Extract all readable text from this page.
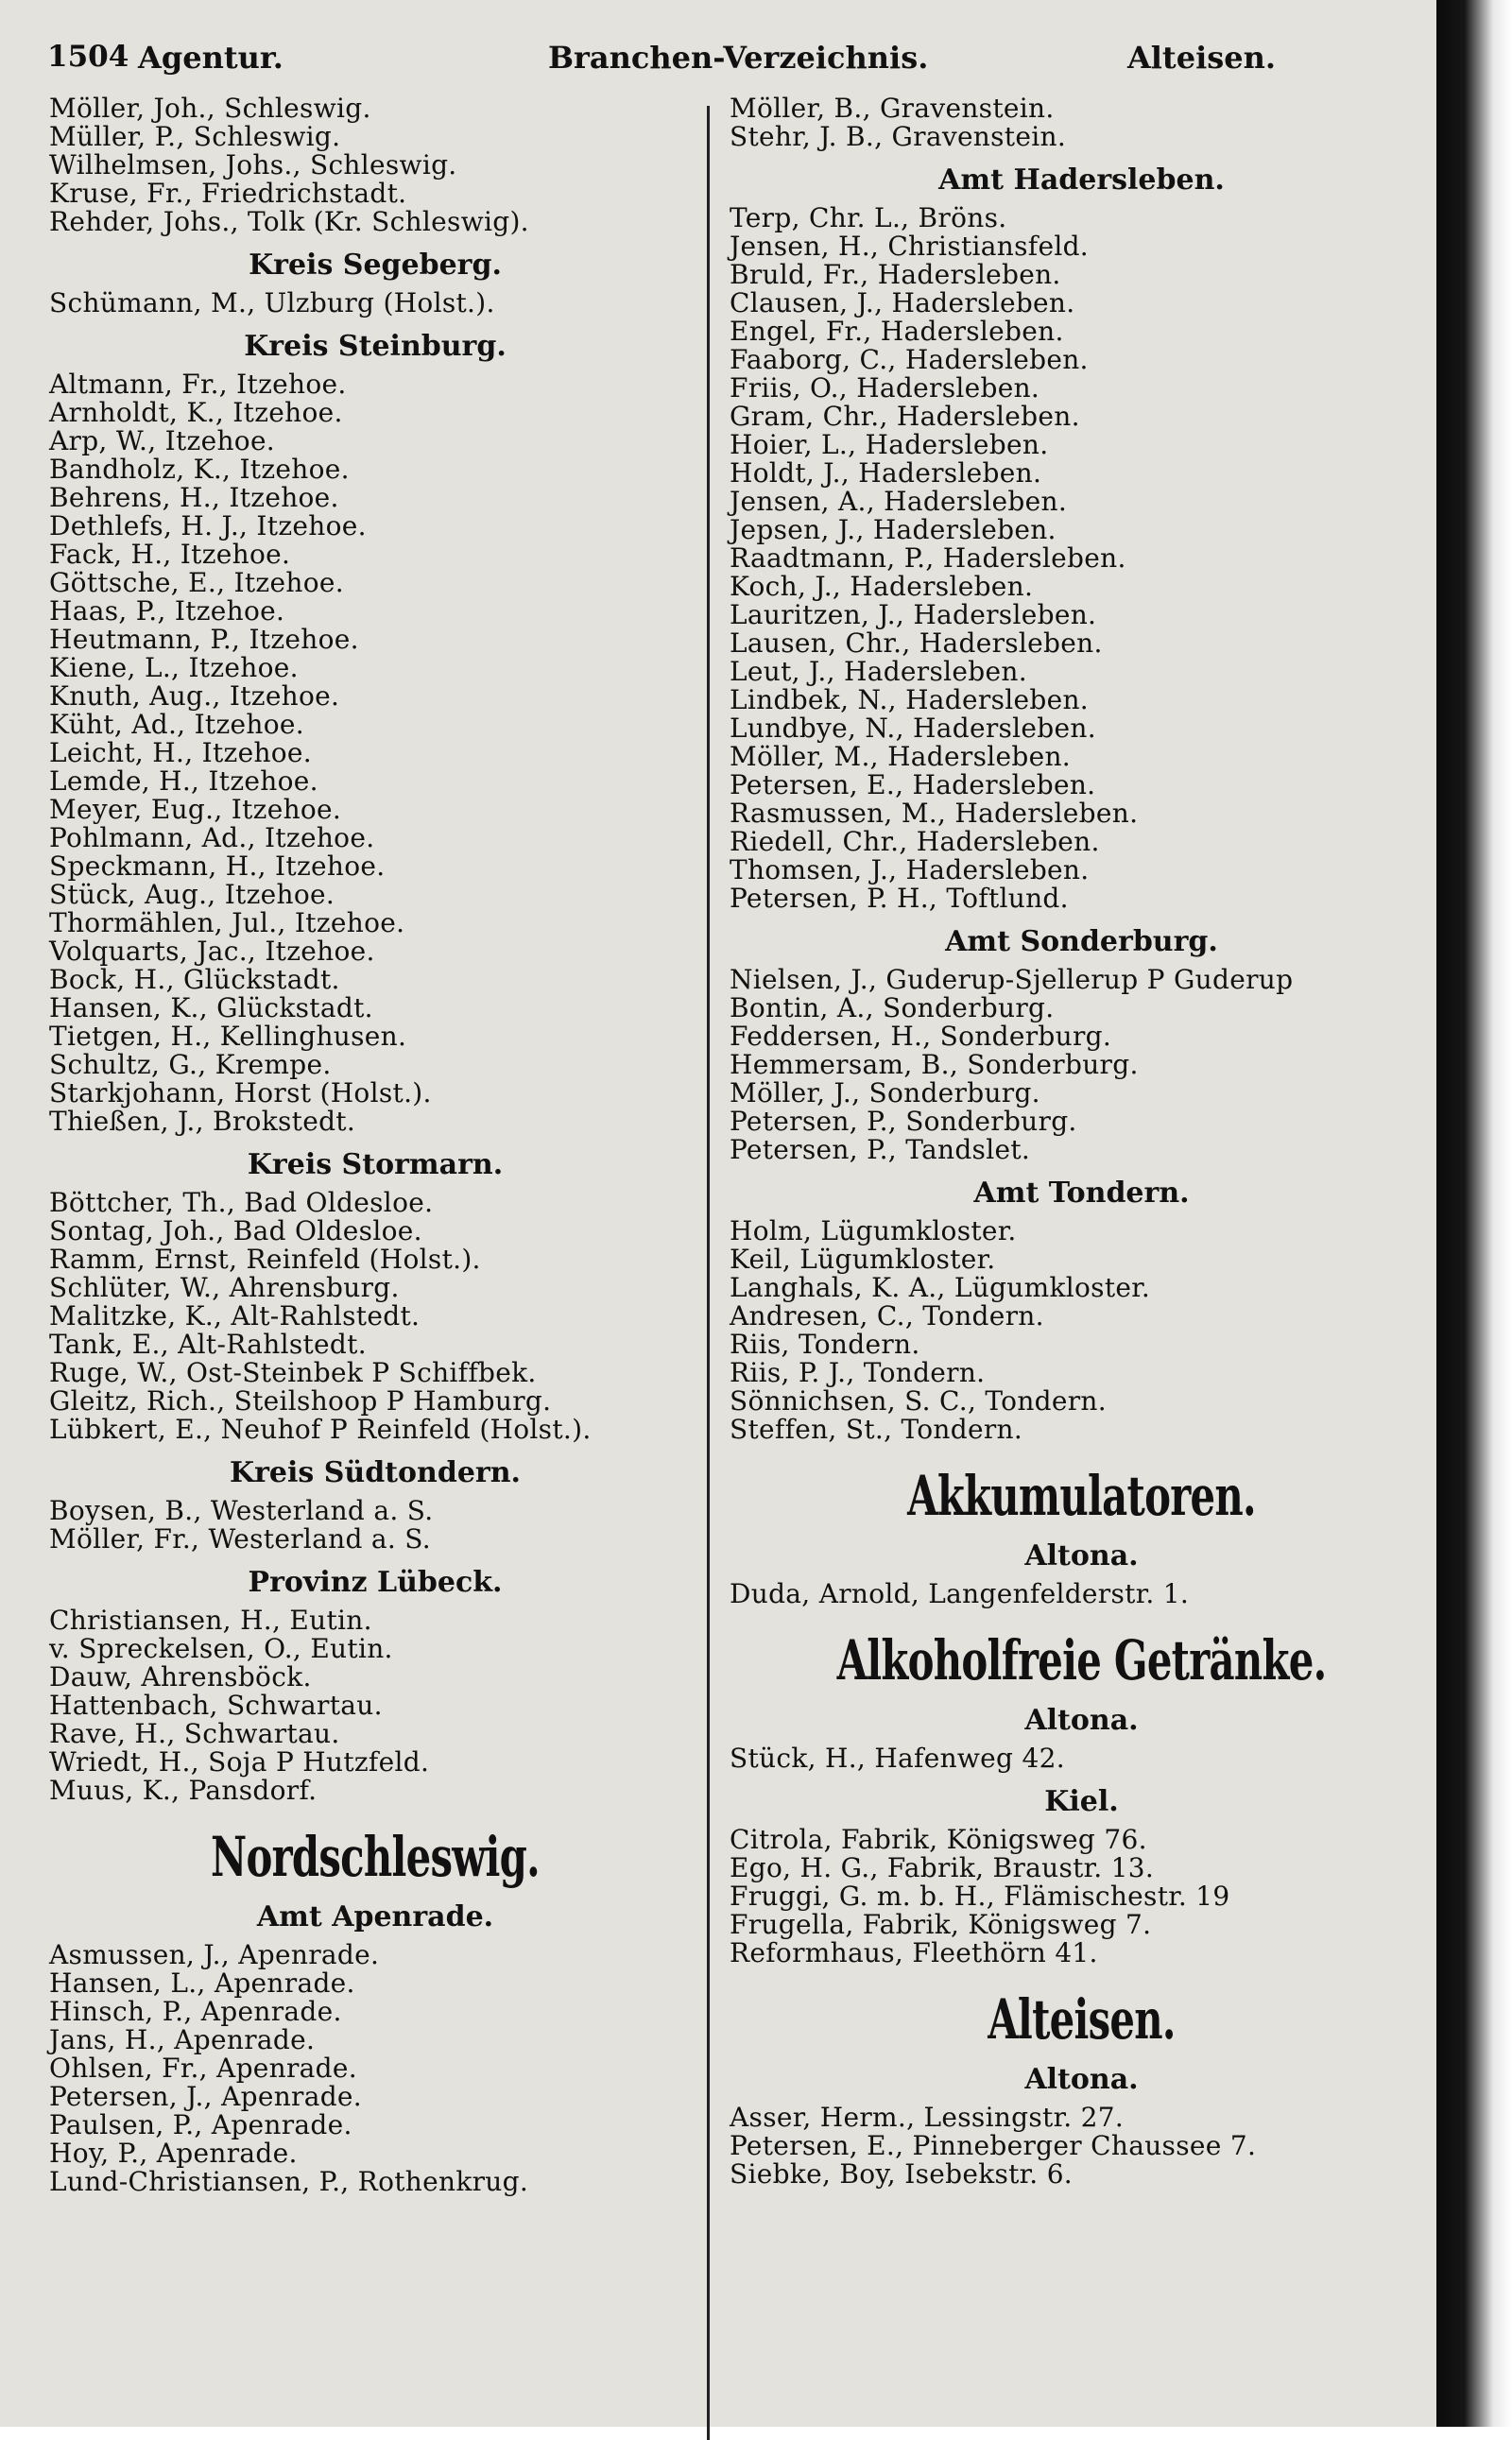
1504 Agentur.	Branchen-Verzeichnis.	Alteisen.
Möller, Joh., Schleswig.
Müller, P., Schleswig.
Wilhelmsen, Johs., Schleswig.
Kruse, Fr., Friedrichstadt.
Rehder, Johs., Tolk (Kr. Schleswig).
Kreis Segeberg.
Schümann, M., Ulzburg (Holst.).
Kreis Steinburg.
Altmann, Fr., Itzehoe.
Arnholdt, K., Itzehoe.
Arp, W., Itzehoe.
Bandholz, K., Itzehoe.
Behrens, H., Itzehoe.
Dethlefs, H. J., Itzehoe.
Fack, H., Itzehoe.
Göttsche, E., Itzehoe.
Haas, P., Itzehoe.
Heutmann, P., Itzehoe.
Kiene, L., Itzehoe.
Knuth, Aug., Itzehoe.
Küht, Ad., Itzehoe.
Leicht, H., Itzehoe.
Lemde, H., Itzehoe.
Meyer, Eug., Itzehoe.
Pohlmann, Ad., Itzehoe.
Speckmann, H., Itzehoe.
Stück, Aug., Itzehoe.
Thormählen, Jul., Itzehoe.
Volquarts, Jac., Itzehoe.
Bock, H., Glückstadt.
Hansen, K., Glückstadt.
Tietgen, H., Kellinghusen.
Schultz, G., Krempe.
Starkjohann, Horst (Holst.).
Thießen, J., Brokstedt.
Kreis Stormarn.
Böttcher, Th., Bad Oldesloe.
Sontag, Joh., Bad Oldesloe.
Ramm, Ernst, Reinfeld (Holst.).
Schlüter, W., Ahrensburg.
Malitzke, K., Alt-Rahlstedt.
Tank, E., Alt-Rahlstedt.
Ruge, W., Ost-Steinbek P Schiffbek.
Gleitz, Rich., Steilshoop P Hamburg.
Lübkert, E., Neuhof P Reinfeld (Holst.).
Kreis Südtondern.
Boysen, B., Westerland a. S.
Möller, Fr., Westerland a. S.
Provinz Lübeck.
Christiansen, H., Eutin.
v. Spreckelsen, O., Eutin.
Dauw, Ahrensböck.
Hattenbach, Schwartau.
Rave, H., Schwartau.
Wriedt, H., Soja P Hutzfeld.
Muus, K., Pansdorf.
Nordschleswig.
Amt Apenrade.
Asmussen, J., Apenrade.
Hansen, L., Apenrade.
Hinsch, P., Apenrade.
Jans, H., Apenrade.
Ohlsen, Fr., Apenrade.
Petersen, J., Apenrade.
Paulsen, P., Apenrade.
Hoy, P., Apenrade.
Lund-Christiansen, P., Rothenkrug.
Möller, B., Gravenstein.
Stehr, J. B., Gravenstein.
Amt Hadersleben.
Terp, Chr. L., Bröns.
Jensen, H., Christiansfeld.
Bruld, Fr., Hadersleben.
Clausen, J., Hadersleben.
Engel, Fr., Hadersleben.
Faaborg, C., Hadersleben.
Friis, O., Hadersleben.
Gram, Chr., Hadersleben.
Hoier, L., Hadersleben.
Holdt, J., Hadersleben.
Jensen, A., Hadersleben.
Jepsen, J., Hadersleben.
Raadtmann, P., Hadersleben.
Koch, J., Hadersleben.
Lauritzen, J., Hadersleben.
Lausen, Chr., Hadersleben.
Leut, J., Hadersleben.
Lindbek, N., Hadersleben.
Lundbye, N., Hadersleben.
Möller, M., Hadersleben.
Petersen, E., Hadersleben.
Rasmussen, M., Hadersleben.
Riedell, Chr., Hadersleben.
Thomsen, J., Hadersleben.
Petersen, P. H., Toftlund.
Amt Sonderburg.
Nielsen, J., Guderup-Sjellerup P Guderup
Bontin, A., Sonderburg.
Feddersen, H., Sonderburg.
Hemmersam, B., Sonderburg.
Möller, J., Sonderburg.
Petersen, P., Sonderburg.
Petersen, P., Tandslet.
Amt Tondern.
Holm, Lügumkloster.
Keil, Lügumkloster.
Langhals, K. A., Lügumkloster.
Andresen, C., Tondern.
Riis, Tondern.
Riis, P. J., Tondern.
Sönnichsen, S. C., Tondern.
Steffen, St., Tondern.
Akkumulatoren.
Altona.
Duda, Arnold, Langenfelderstr. 1.
Alkoholfreie Getränke.
Altona.
Stück, H., Hafenweg 42.
Kiel.
Citrola, Fabrik, Königsweg 76.
Ego, H. G., Fabrik, Braustr. 13.
Fruggi, G. m. b. H., Flämischestr. 19
Frugella, Fabrik, Königsweg 7.
Reformhaus, Fleethörn 41.
Alteisen.
Altona.
Asser, Herm., Lessingstr. 27.
Petersen, E., Pinneberger Chaussee 7.
Siebke, Boy, Isebekstr. 6.
